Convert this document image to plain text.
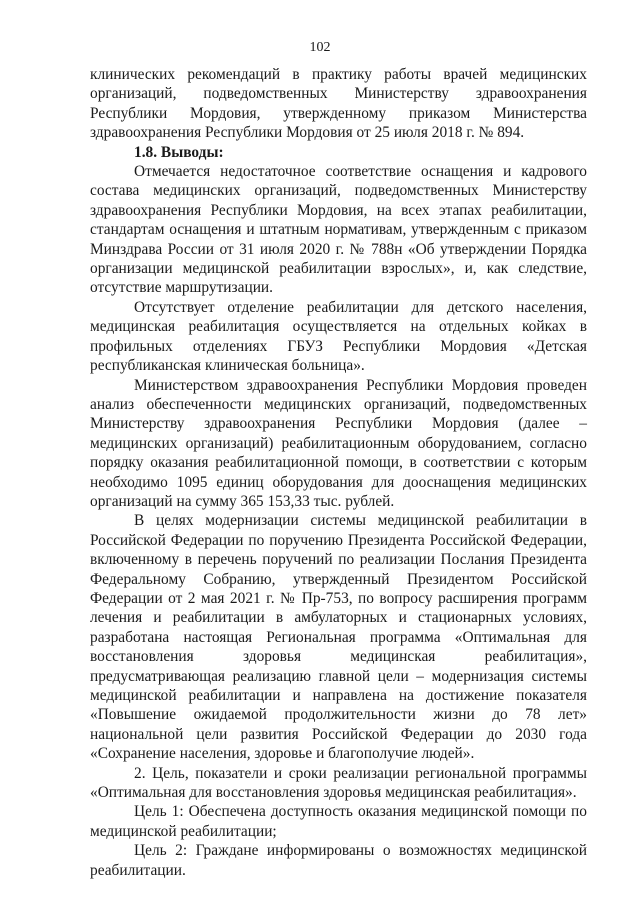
102

клинических рекомендаций в практику работы врачей медицинских организаций, подведомственных Министерству здравоохранения Республики Мордовия, утвержденному приказом Министерства здравоохранения Республики Мордовия от 25 июля 2018 г. № 894.

1.8. Выводы:

Отмечается недостаточное соответствие оснащения и кадрового состава медицинских организаций, подведомственных Министерству здравоохранения Республики Мордовия, на всех этапах реабилитации, стандартам оснащения и штатным нормативам, утвержденным с приказом Минздрава России от 31 июля 2020 г. № 788н «Об утверждении Порядка организации медицинской реабилитации взрослых», и, как следствие, отсутствие маршрутизации.

Отсутствует отделение реабилитации для детского населения, медицинская реабилитация осуществляется на отдельных койках в профильных отделениях ГБУЗ Республики Мордовия «Детская республиканская клиническая больница».

Министерством здравоохранения Республики Мордовия проведен анализ обеспеченности медицинских организаций, подведомственных Министерству здравоохранения Республики Мордовия (далее – медицинских организаций) реабилитационным оборудованием, согласно порядку оказания реабилитационной помощи, в соответствии с которым необходимо 1095 единиц оборудования для дооснащения медицинских организаций на сумму 365 153,33 тыс. рублей.

В целях модернизации системы медицинской реабилитации в Российской Федерации по поручению Президента Российской Федерации, включенному в перечень поручений по реализации Послания Президента Федеральному Собранию, утвержденный Президентом Российской Федерации от 2 мая 2021 г. № Пр-753, по вопросу расширения программ лечения и реабилитации в амбулаторных и стационарных условиях, разработана настоящая Региональная программа «Оптимальная для восстановления здоровья медицинская реабилитация», предусматривающая реализацию главной цели – модернизация системы медицинской реабилитации и направлена на достижение показателя «Повышение ожидаемой продолжительности жизни до 78 лет» национальной цели развития Российской Федерации до 2030 года «Сохранение населения, здоровье и благополучие людей».

2. Цель, показатели и сроки реализации региональной программы «Оптимальная для восстановления здоровья медицинская реабилитация».

Цель 1: Обеспечена доступность оказания медицинской помощи по медицинской реабилитации;

Цель 2: Граждане информированы о возможностях медицинской реабилитации.
